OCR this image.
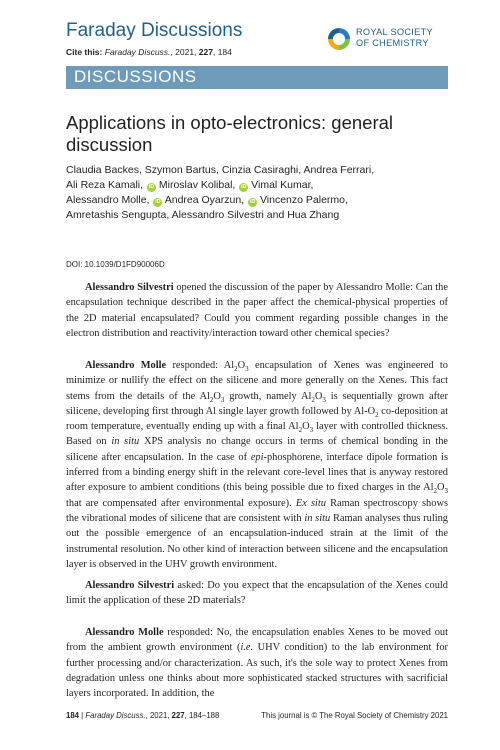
Faraday Discussions
Cite this: Faraday Discuss., 2021, 227, 184
ROYAL SOCIETY
OF CHEMISTRY
DISCUSSIONS
Applications in opto-electronics: general discussion
Claudia Backes, Szymon Bartus, Cinzia Casiraghi, Andrea Ferrari,
Ali Reza Kamali, iD Miroslav Kolibal, iD Vimal Kumar,
Alessandro Molle, iD Andrea Oyarzun, iD Vincenzo Palermo,
Amretashis Sengupta, Alessandro Silvestri and Hua Zhang
DOI: 10.1039/D1FD90006D

Alessandro Silvestri opened the discussion of the paper by Alessandro Molle: Can the encapsulation technique described in the paper affect the chemical-physical properties of the 2D material encapsulated? Could you comment regarding possible changes in the electron distribution and reactivity/interaction toward other chemical species?

Alessandro Molle responded: $Al_2O_3$ encapsulation of Xenes was engineered to minimize or nullify the effect on the silicene and more generally on the Xenes. This fact stems from the details of the $Al_2O_3$ growth, namely $Al_2O_3$ is sequentially grown after silicene, developing first through Al single layer growth followed by $Al-O_2$ co-deposition at room temperature, eventually ending up with a final $Al_2O_3$ layer with controlled thickness. Based on in situ XPS analysis no change occurs in terms of chemical bonding in the silicene after encapsulation. In the case of epi-phosphorene, interface dipole formation is inferred from a binding energy shift in the relevant core-level lines that is anyway restored after exposure to ambient conditions (this being possible due to fixed charges in the $Al_2O_3$ that are compensated after environmental exposure). Ex situ Raman spectroscopy shows the vibrational modes of silicene that are consistent with in situ Raman analyses thus ruling out the possible emergence of an encapsulation-induced strain at the limit of the instrumental resolution. No other kind of interaction between silicene and the encapsulation layer is observed in the UHV growth environment.

Alessandro Silvestri asked: Do you expect that the encapsulation of the Xenes could limit the application of these 2D materials?

Alessandro Molle responded: No, the encapsulation enables Xenes to be moved out from the ambient growth environment (i.e. UHV condition) to the lab environment for further processing and/or characterization. As such, it's the sole way to protect Xenes from degradation unless one thinks about more sophisticated stacked structures with sacrificial layers incorporated. In addition, the

184 | Faraday Discuss., 2021, 227, 184–188	This journal is © The Royal Society of Chemistry 2021
